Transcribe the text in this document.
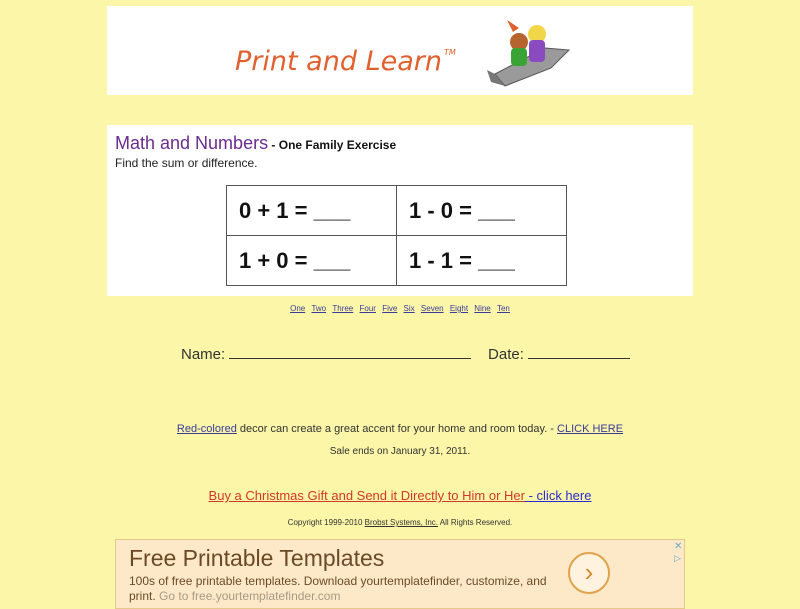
Print and Learn ™
Math and Numbers - One Family Exercise
Find the sum or difference.
0 + 1 = ___	1 - 0 = ___
1 + 0 = ___	1 - 1 = ___
One Two Three Four Five Six Seven Eight Nine Ten
Name:	Date:
Red-colored decor can create a great accent for your home and room today. - CLICK HERE
Sale ends on January 31, 2011.
Buy a Christmas Gift and Send it Directly to Him or Her - click here
Copyright 1999-2010 Brobst Systems, Inc. All Rights Reserved.
Free Printable Templates
100s of free printable templates. Download yourtemplatefinder, customize, and print. Go to free.yourtemplatefinder.com
›
✕
▷
